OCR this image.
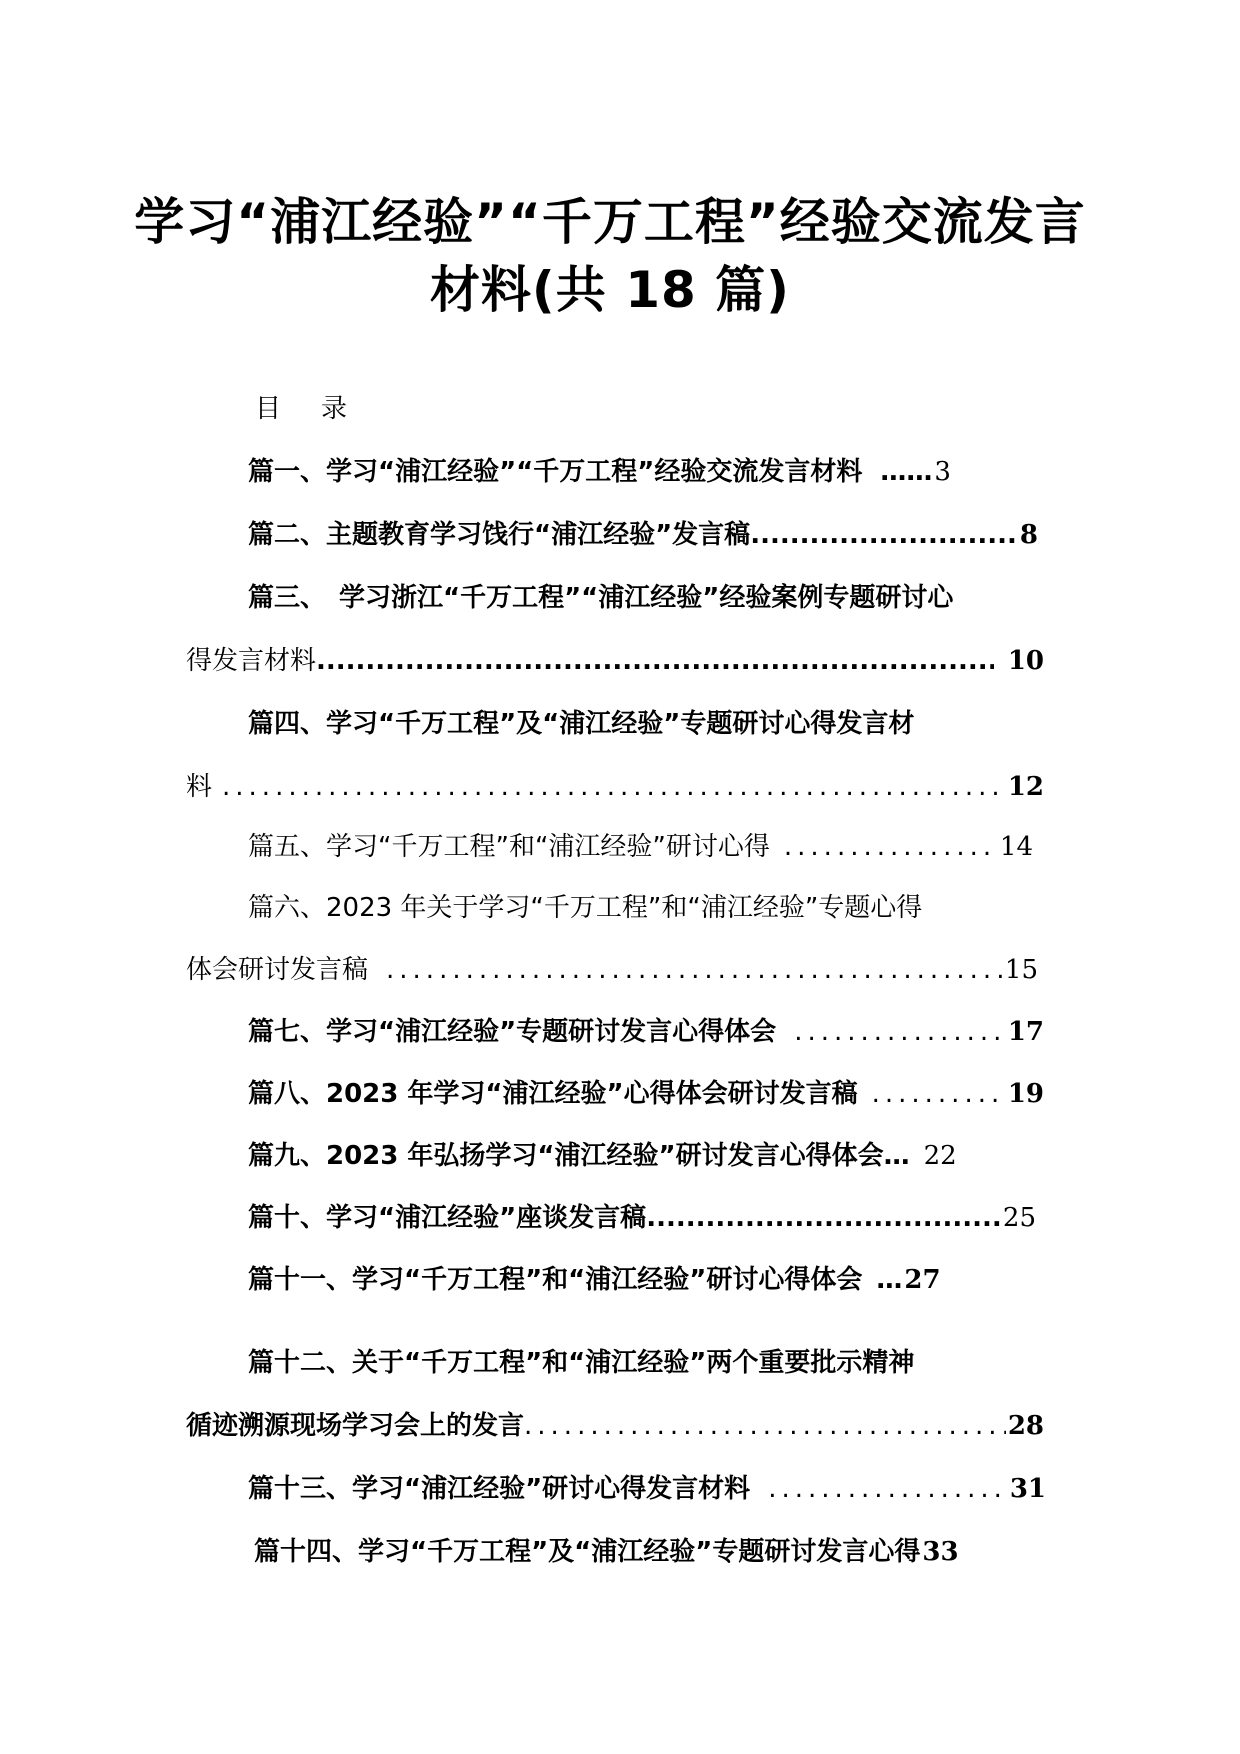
学习“浦江经验”“千万工程”经验交流发言
材料(共 18 篇)
目 录
篇一、学习“浦江经验”“千万工程”经验交流发言材料 …… 3
篇二、主题教育学习饯行“浦江经验”发言稿 .....	8
篇三、　学习浙江“千万工程”“浦江经验”经验案例专题研讨心
得发言材料 .....	10
篇四、学习“千万工程”及“浦江经验”专题研讨心得发言材
料 .....	12
篇五、学习“千万工程”和“浦江经验”研讨心得 .....	14
篇六、2023 年关于学习“千万工程”和“浦江经验”专题心得
体会研讨发言稿 .....	15
篇七、学习“浦江经验”专题研讨发言心得体会 .....	17
篇八、2023 年学习“浦江经验”心得体会研讨发言稿 .....	19
篇九、2023 年弘扬学习“浦江经验”研讨发言心得体会 … 22
篇十、学习“浦江经验”座谈发言稿 .....	25
篇十一、学习“千万工程”和“浦江经验”研讨心得体会 … 27
篇十二、关于“千万工程”和“浦江经验”两个重要批示精神
循迹溯源现场学习会上的发言 .....	28
篇十三、学习“浦江经验”研讨心得发言材料 .....	31
篇十四、学习“千万工程”及“浦江经验”专题研讨发言心得 33
